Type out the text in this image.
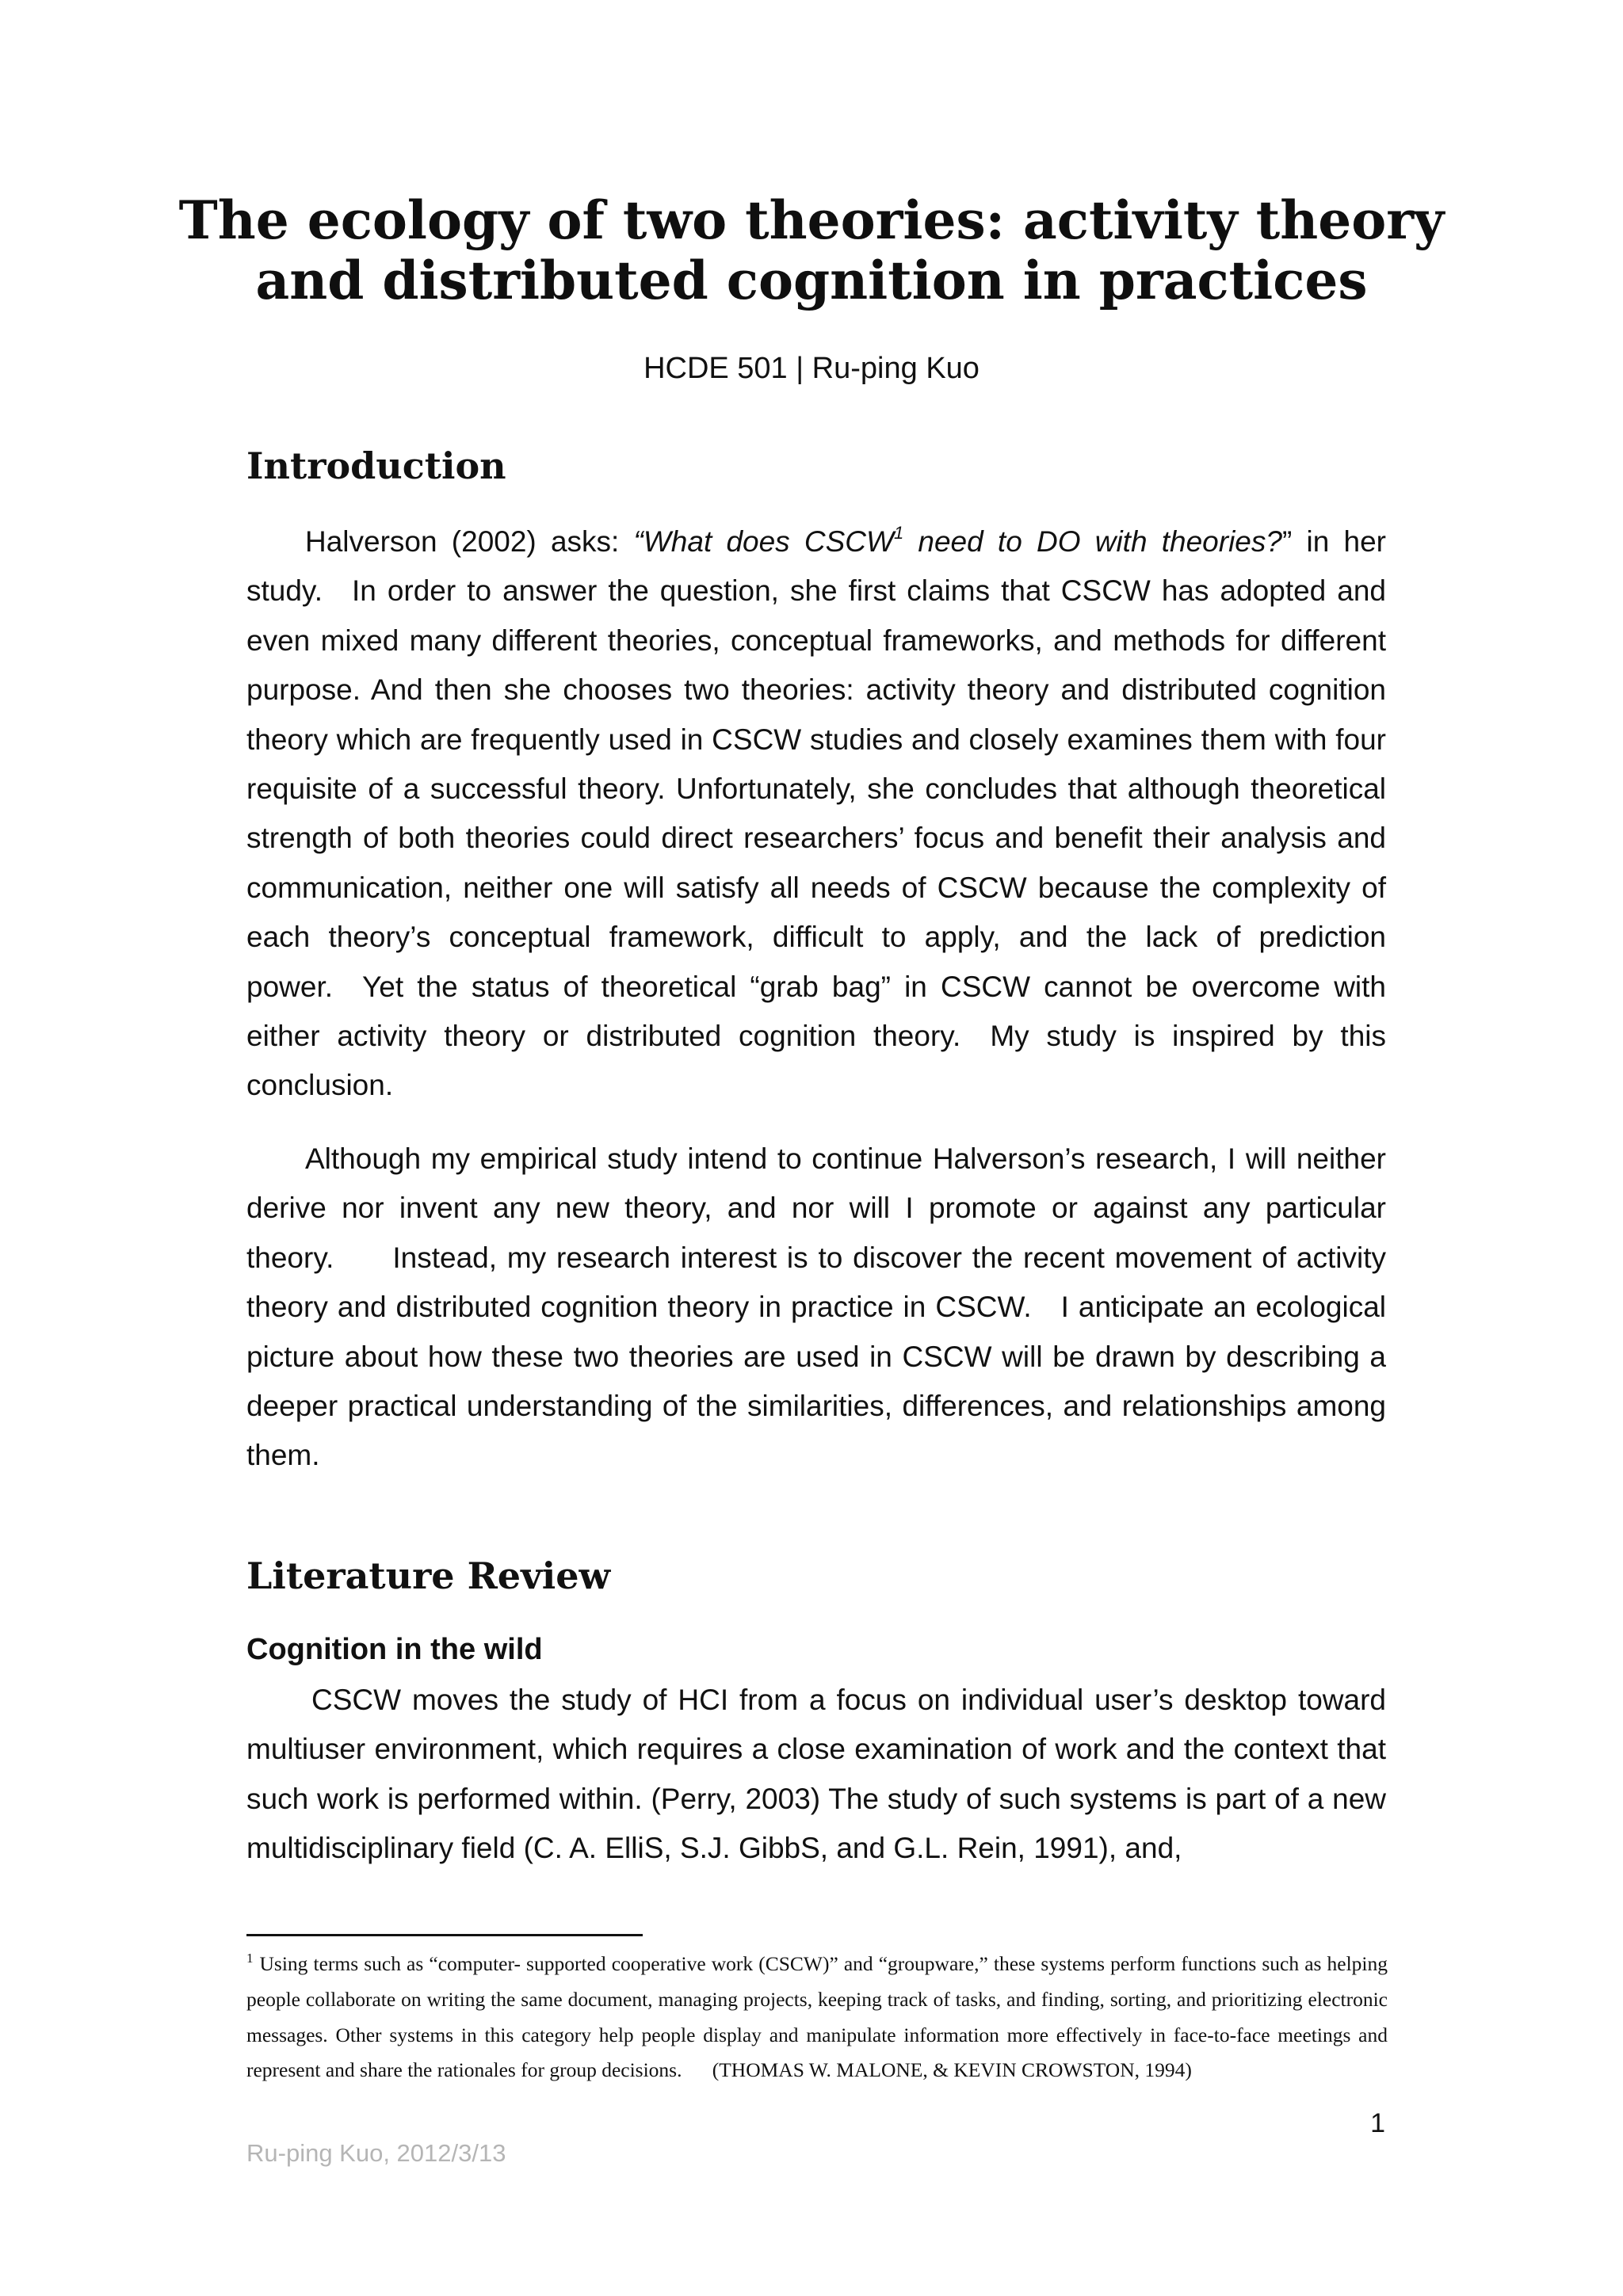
The ecology of two theories: activity theory
and distributed cognition in practices
HCDE 501 | Ru-ping Kuo
Introduction

Halverson (2002) asks: “What does CSCW$^1$ need to DO with theories?” in her study. In order to answer the question, she first claims that CSCW has adopted and even mixed many different theories, conceptual frameworks, and methods for different purpose. And then she chooses two theories: activity theory and distributed cognition theory which are frequently used in CSCW studies and closely examines them with four requisite of a successful theory. Unfortunately, she concludes that although theoretical strength of both theories could direct researchers’ focus and benefit their analysis and communication, neither one will satisfy all needs of CSCW because the complexity of each theory’s conceptual framework, difficult to apply, and the lack of prediction power. Yet the status of theoretical “grab bag” in CSCW cannot be overcome with either activity theory or distributed cognition theory. My study is inspired by this conclusion.

Although my empirical study intend to continue Halverson’s research, I will neither derive nor invent any new theory, and nor will I promote or against any particular theory.  Instead, my research interest is to discover the recent movement of activity theory and distributed cognition theory in practice in CSCW. I anticipate an ecological picture about how these two theories are used in CSCW will be drawn by describing a deeper practical understanding of the similarities, differences, and relationships among them.

Literature Review
Cognition in the wild

CSCW moves the study of HCI from a focus on individual user’s desktop toward multiuser environment, which requires a close examination of work and the context that such work is performed within. (Perry, 2003) The study of such systems is part of a new multidisciplinary field (C. A. ElliS, S.J. GibbS, and G.L. Rein, 1991), and,

$^1$ Using terms such as “computer- supported cooperative work (CSCW)” and “groupware,” these systems perform functions such as helping people collaborate on writing the same document, managing projects, keeping track of tasks, and finding, sorting, and prioritizing electronic messages. Other systems in this category help people display and manipulate information more effectively in face-to-face meetings and represent and share the rationales for group decisions.  (THOMAS W. MALONE, & KEVIN CROWSTON, 1994)

1
Ru-ping Kuo, 2012/3/13
